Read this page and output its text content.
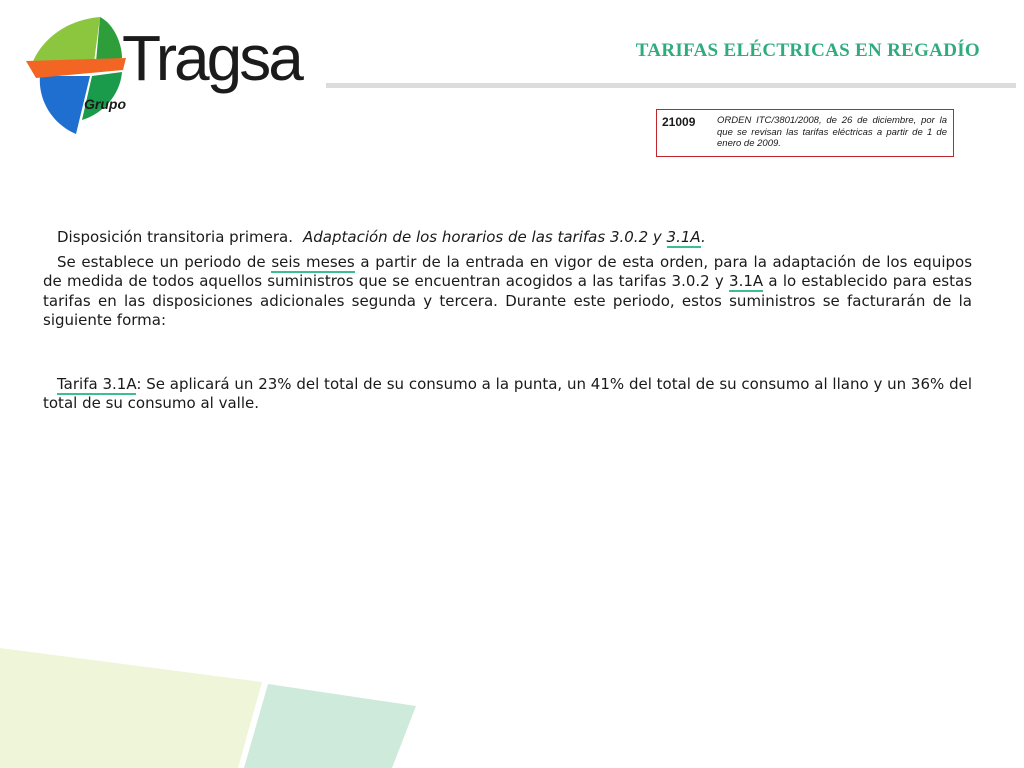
Tragsa
Grupo
TARIFAS ELÉCTRICAS EN REGADÍO
21009	ORDEN ITC/3801/2008, de 26 de diciembre, por la que se revisan las tarifas eléctricas a partir de 1 de enero de 2009.

Disposición transitoria primera. Adaptación de los horarios de las tarifas 3.0.2 y 3.1A.

Se establece un periodo de seis meses a partir de la entrada en vigor de esta orden, para la adaptación de los equipos de medida de todos aquellos suministros que se encuentran acogidos a las tarifas 3.0.2 y 3.1A a lo establecido para estas tarifas en las disposiciones adicionales segunda y tercera. Durante este periodo, estos suministros se facturarán de la siguiente forma:

Tarifa 3.1A: Se aplicará un 23% del total de su consumo a la punta, un 41% del total de su consumo al llano y un 36% del total de su consumo al valle.
